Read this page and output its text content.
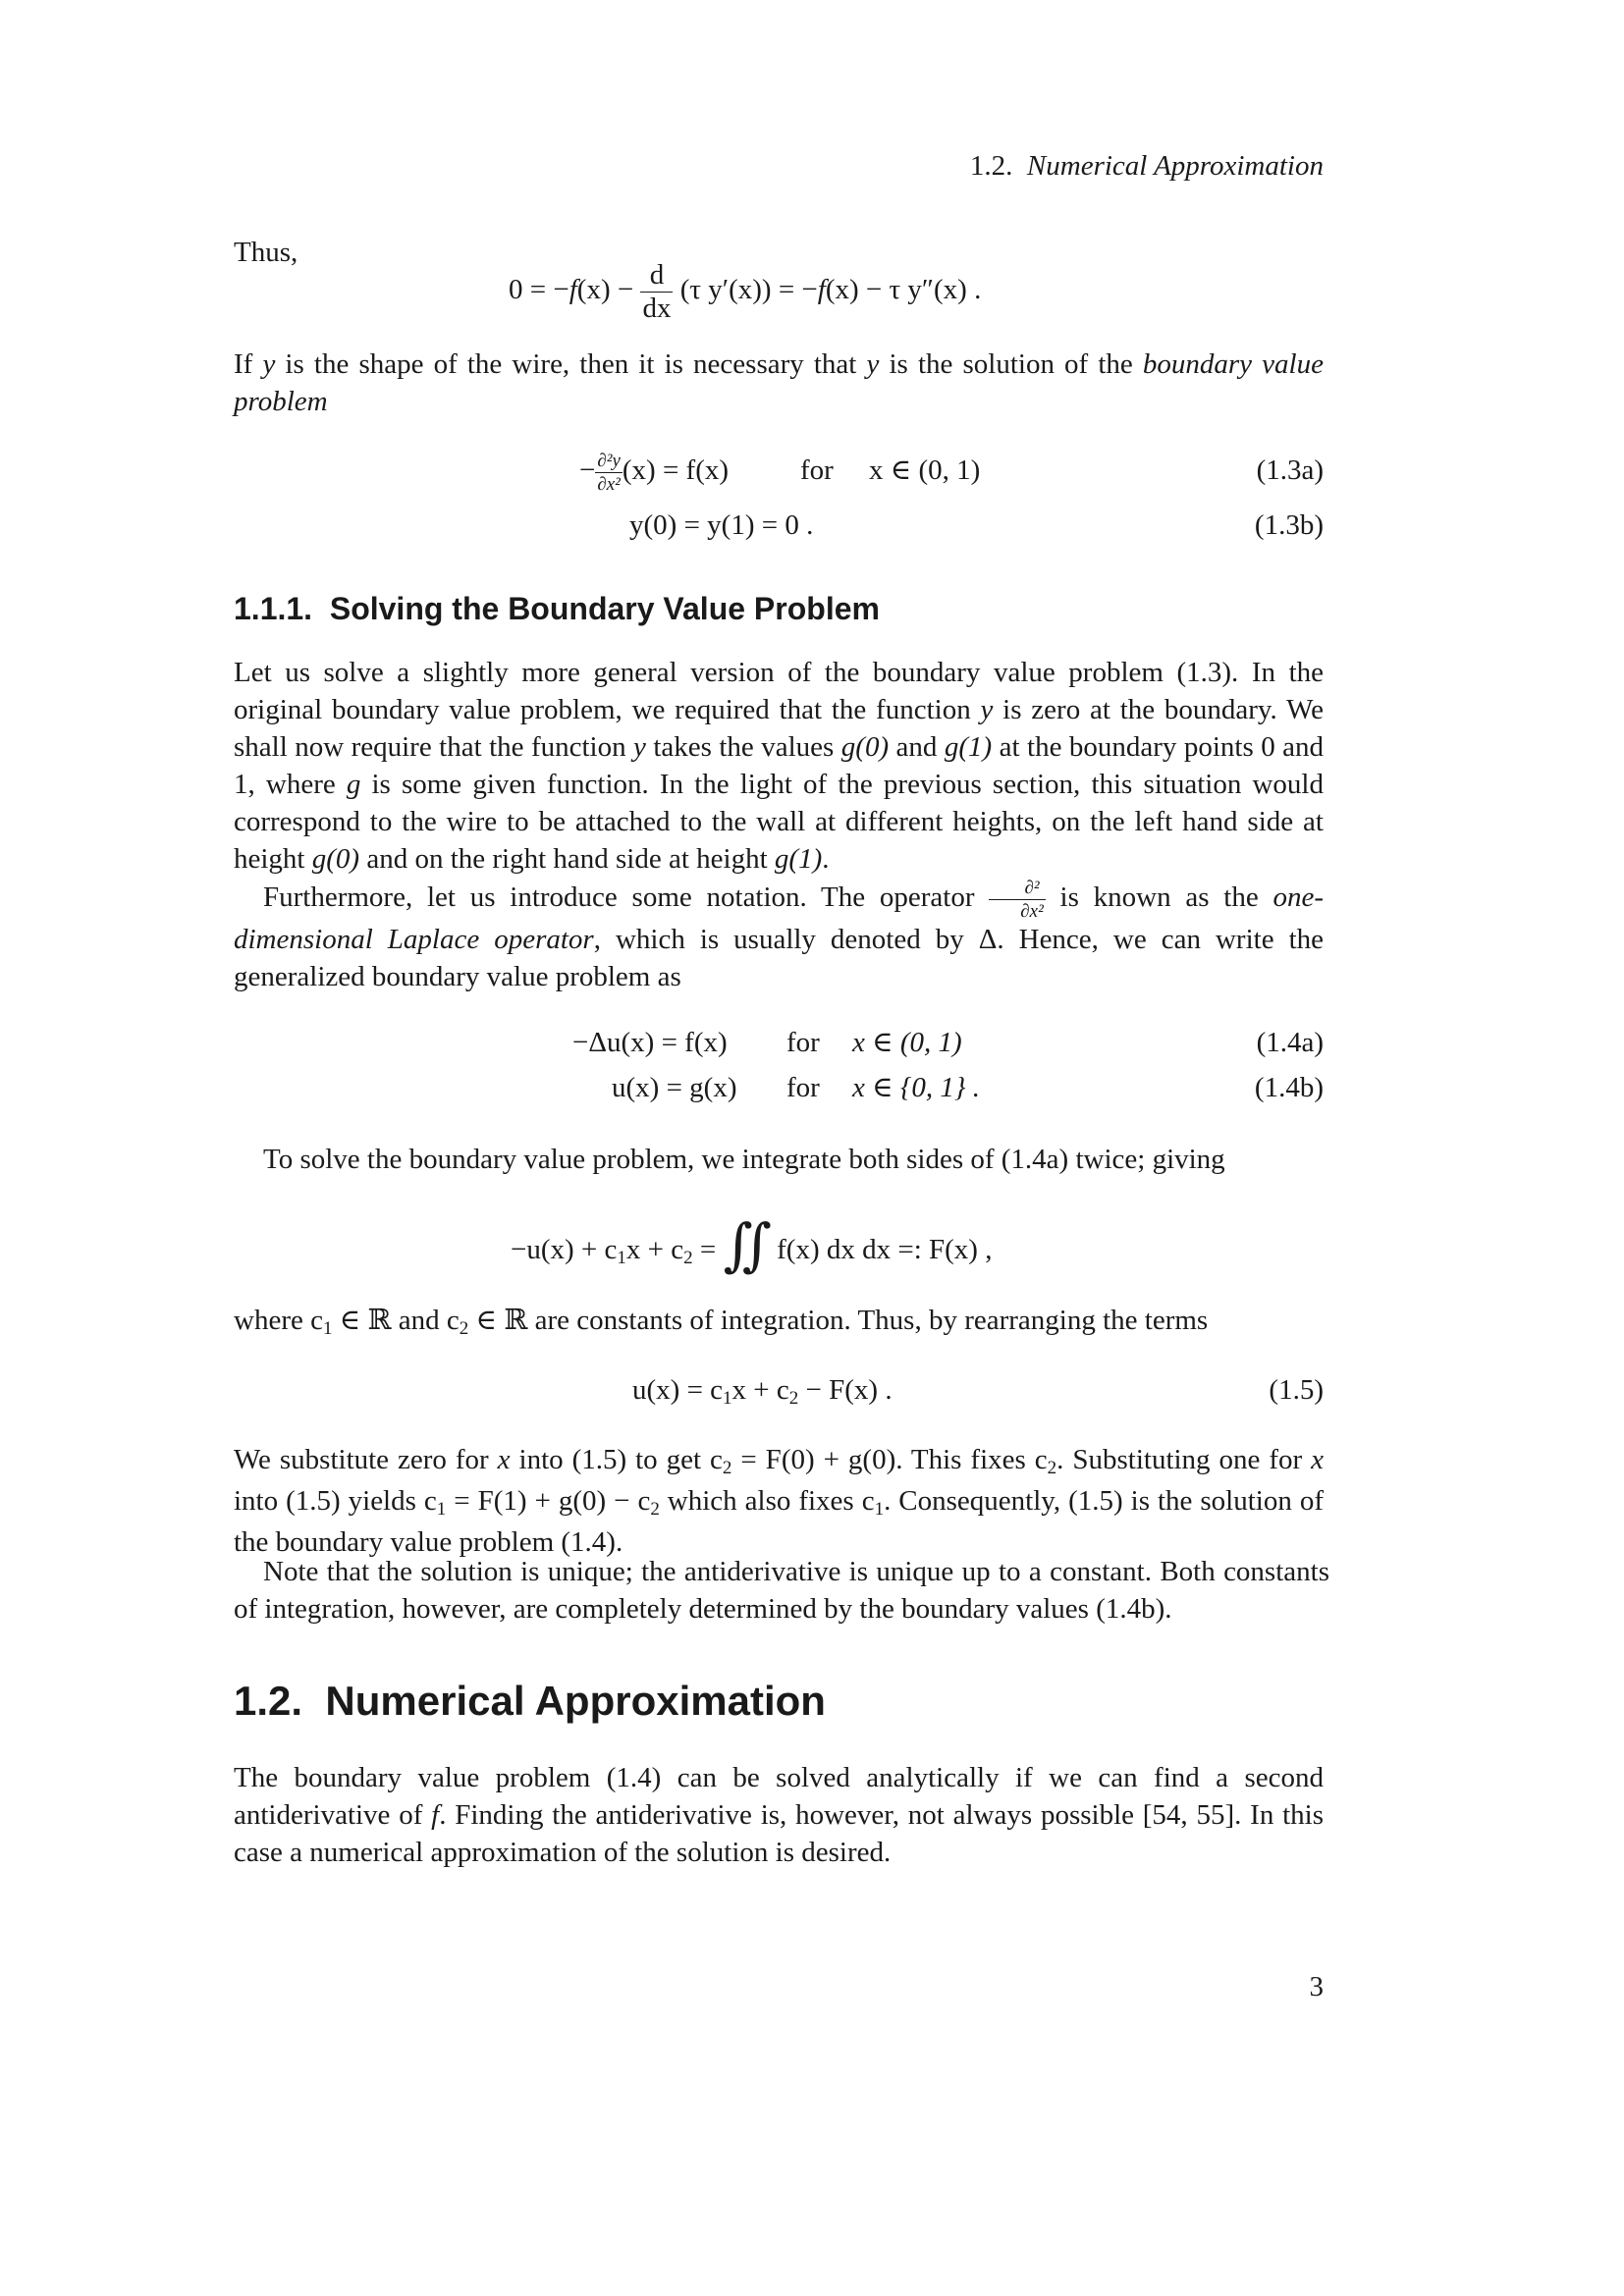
1.2. Numerical Approximation
Thus,
$0 = -f(x) - \frac{d}{dx} (\tau$ y′(x)) = −f(x) − τ y″(x) .
If y is the shape of the wire, then it is necessary that y is the solution of the boundary value problem
− $\frac{\text{∂²y}}{\text{∂x²}} (x) = f(x)$	for x ∈ (0, 1)	(1.3a)
y(0) = y(1) = 0 .	(1.3b)
1.1.1. Solving the Boundary Value Problem
Let us solve a slightly more general version of the boundary value problem (1.3). In the original boundary value problem, we required that the function y is zero at the boundary. We shall now require that the function y takes the values g(0) and g(1) at the boundary points 0 and 1, where g is some given function. In the light of the previous section, this situation would correspond to the wire to be attached to the wall at different heights, on the left hand side at height g(0) and on the right hand side at height g(1).
Furthermore, let us introduce some notation. The operator $\frac{\text{∂²}}{\text{∂x²}}$ is known as the one-dimensional Laplace operator, which is usually denoted by Δ. Hence, we can write the generalized boundary value problem as
−Δu(x) = f(x) for x ∈ (0, 1)	(1.4a)
u(x) = g(x) for x ∈ {0, 1} .	(1.4b)
To solve the boundary value problem, we integrate both sides of (1.4a) twice; giving
−u(x) + c1x + c2 = ∬ f(x) dx dx =: F(x) ,
where c1 ∈ ℝ and c2 ∈ ℝ are constants of integration. Thus, by rearranging the terms
u(x) = c1x + c2 − F(x) .	(1.5)
We substitute zero for x into (1.5) to get c2 = F(0) + g(0). This fixes c2. Substituting one for x into (1.5) yields c1 = F(1) + g(0) − c2 which also fixes c1. Consequently, (1.5) is the solution of the boundary value problem (1.4).
Note that the solution is unique; the antiderivative is unique up to a constant. Both constants of integration, however, are completely determined by the boundary values (1.4b).
1.2. Numerical Approximation
The boundary value problem (1.4) can be solved analytically if we can find a second antiderivative of f. Finding the antiderivative is, however, not always possible [54, 55]. In this case a numerical approximation of the solution is desired.
3
